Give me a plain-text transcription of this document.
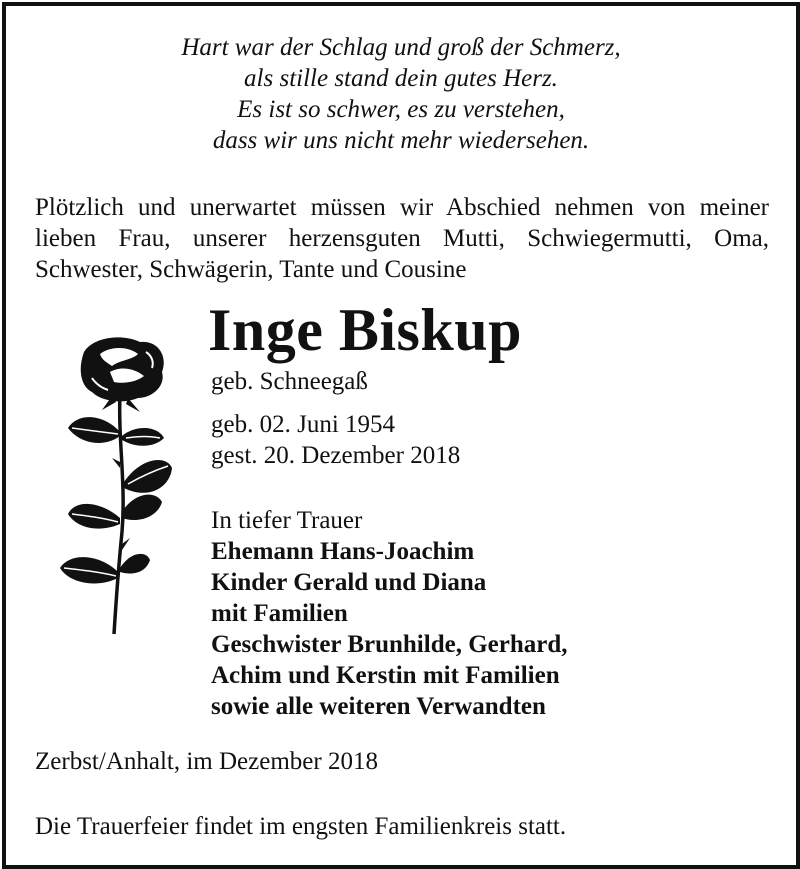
Hart war der Schlag und groß der Schmerz,
als stille stand dein gutes Herz.
Es ist so schwer, es zu verstehen,
dass wir uns nicht mehr wiedersehen.
Plötzlich und unerwartet müssen wir Abschied nehmen von meiner lieben Frau, unserer herzensguten Mutti, Schwiegermutti, Oma, Schwester, Schwägerin, Tante und Cousine
Inge Biskup
geb. Schneegaß
geb. 02. Juni 1954
gest. 20. Dezember 2018
In tiefer Trauer
Ehemann Hans-Joachim
Kinder Gerald und Diana
mit Familien
Geschwister Brunhilde, Gerhard,
Achim und Kerstin mit Familien
sowie alle weiteren Verwandten
Zerbst/Anhalt, im Dezember 2018
Die Trauerfeier findet im engsten Familienkreis statt.
